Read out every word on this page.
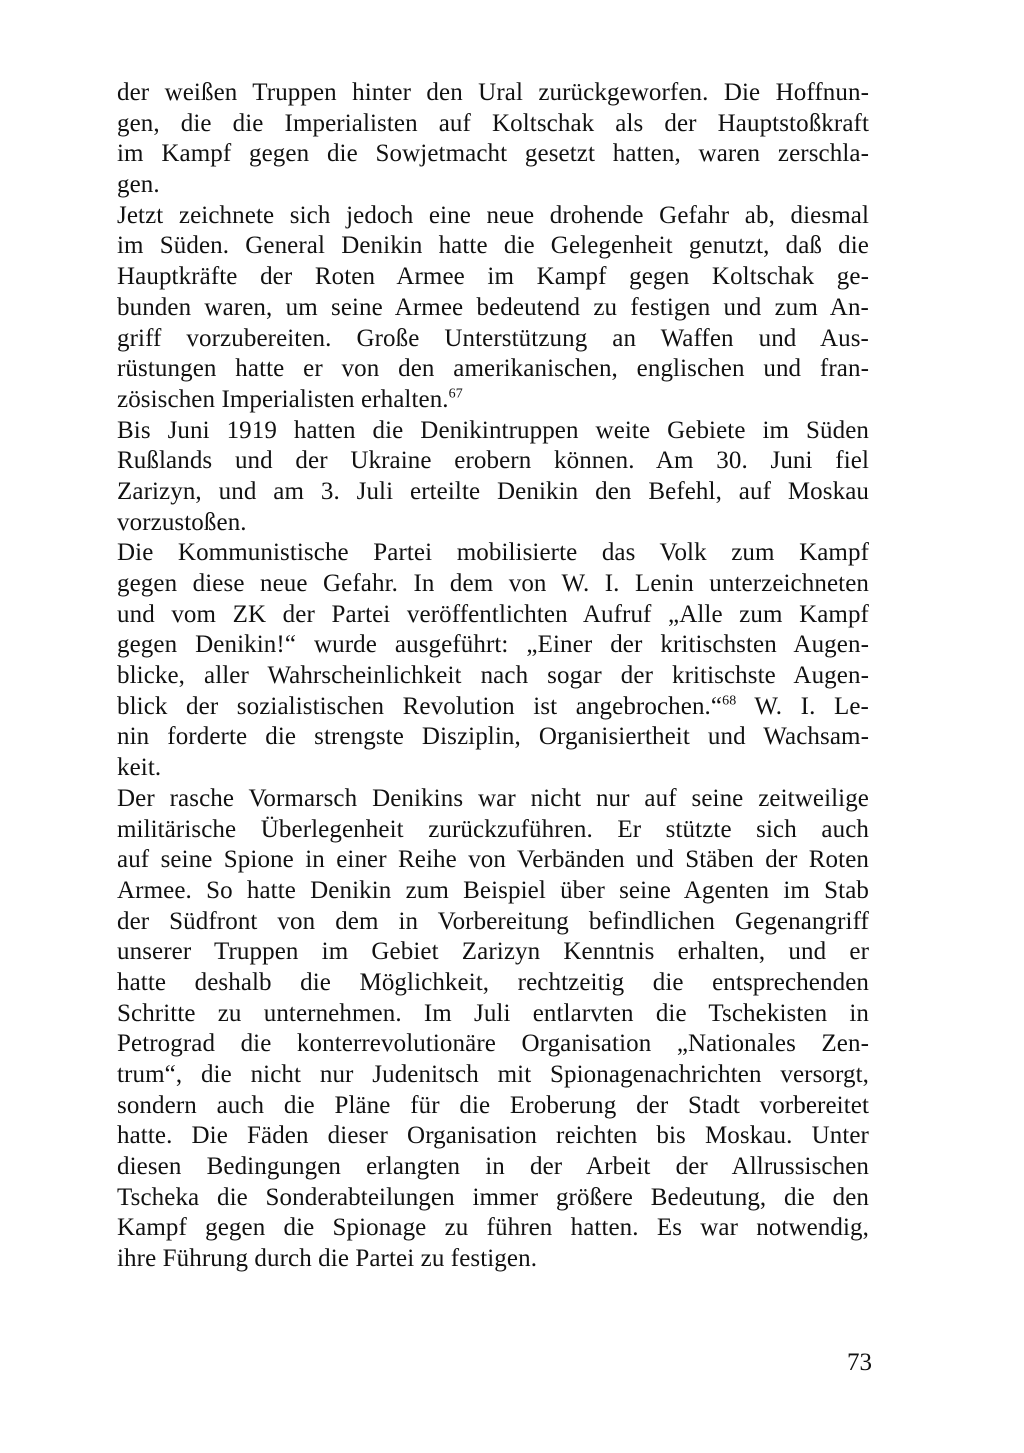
der weißen Truppen hinter den Ural zurückgeworfen. Die Hoffnun-
gen, die die Imperialisten auf Koltschak als der Hauptstoßkraft
im Kampf gegen die Sowjetmacht gesetzt hatten, waren zerschla-
gen.
Jetzt zeichnete sich jedoch eine neue drohende Gefahr ab, diesmal
im Süden. General Denikin hatte die Gelegenheit genutzt, daß die
Hauptkräfte der Roten Armee im Kampf gegen Koltschak ge-
bunden waren, um seine Armee bedeutend zu festigen und zum An-
griff vorzubereiten. Große Unterstützung an Waffen und Aus-
rüstungen hatte er von den amerikanischen, englischen und fran-
zösischen Imperialisten erhalten.$^{67}$
Bis Juni 1919 hatten die Denikintruppen weite Gebiete im Süden
Rußlands und der Ukraine erobern können. Am 30. Juni fiel
Zarizyn, und am 3. Juli erteilte Denikin den Befehl, auf Moskau
vorzustoßen.
Die Kommunistische Partei mobilisierte das Volk zum Kampf
gegen diese neue Gefahr. In dem von W. I. Lenin unterzeichneten
und vom ZK der Partei veröffentlichten Aufruf „Alle zum Kampf
gegen Denikin!“ wurde ausgeführt: „Einer der kritischsten Augen-
blicke, aller Wahrscheinlichkeit nach sogar der kritischste Augen-
blick der sozialistischen Revolution ist angebrochen.“$^{68}$ W. I. Le-
nin forderte die strengste Disziplin, Organisiertheit und Wachsam-
keit.
Der rasche Vormarsch Denikins war nicht nur auf seine zeitweilige
militärische Überlegenheit zurückzuführen. Er stützte sich auch
auf seine Spione in einer Reihe von Verbänden und Stäben der Roten
Armee. So hatte Denikin zum Beispiel über seine Agenten im Stab
der Südfront von dem in Vorbereitung befindlichen Gegenangriff
unserer Truppen im Gebiet Zarizyn Kenntnis erhalten, und er
hatte deshalb die Möglichkeit, rechtzeitig die entsprechenden
Schritte zu unternehmen. Im Juli entlarvten die Tschekisten in
Petrograd die konterrevolutionäre Organisation „Nationales Zen-
trum“, die nicht nur Judenitsch mit Spionagenachrichten versorgt,
sondern auch die Pläne für die Eroberung der Stadt vorbereitet
hatte. Die Fäden dieser Organisation reichten bis Moskau. Unter
diesen Bedingungen erlangten in der Arbeit der Allrussischen
Tscheka die Sonderabteilungen immer größere Bedeutung, die den
Kampf gegen die Spionage zu führen hatten. Es war notwendig,
ihre Führung durch die Partei zu festigen.
73
